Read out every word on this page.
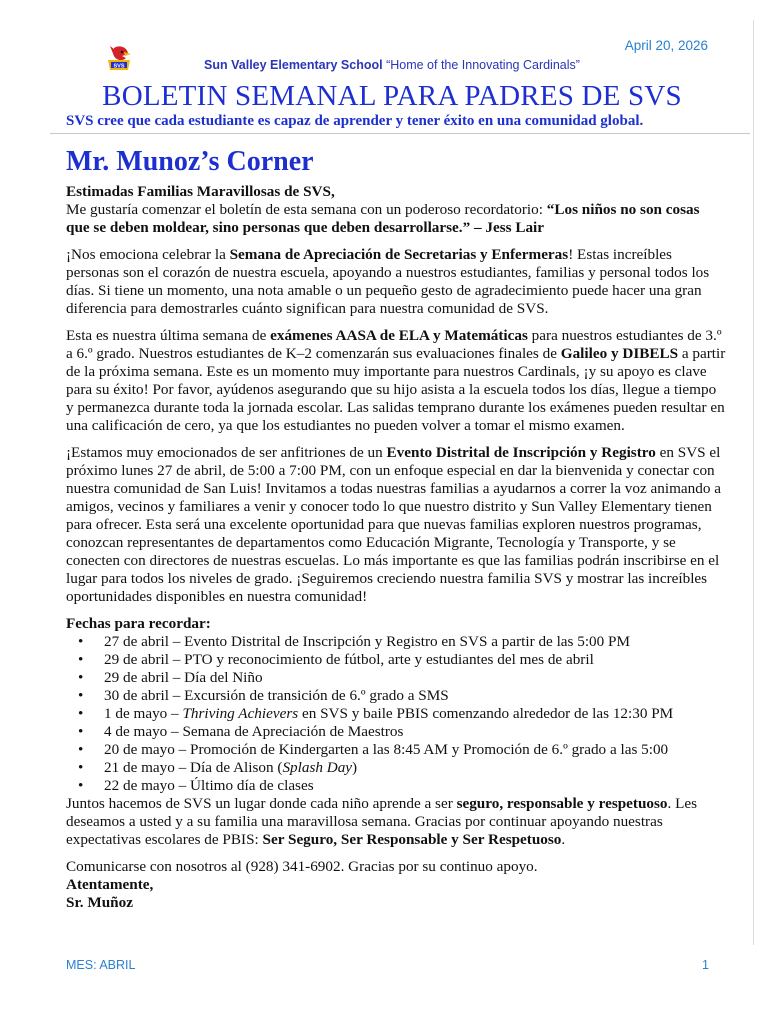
April 20, 2026
SVS	Sun Valley Elementary School “Home of the Innovating Cardinals”
BOLETIN SEMANAL PARA PADRES DE SVS
SVS cree que cada estudiante es capaz de aprender y tener éxito en una comunidad global.
Mr. Munoz’s Corner

Estimadas Familias Maravillosas de SVS,

Me gustaría comenzar el boletín de esta semana con un poderoso recordatorio: “Los niños no son cosas que se deben moldear, sino personas que deben desarrollarse.” – Jess Lair

¡Nos emociona celebrar la Semana de Apreciación de Secretarias y Enfermeras! Estas increíbles personas son el corazón de nuestra escuela, apoyando a nuestros estudiantes, familias y personal todos los días. Si tiene un momento, una nota amable o un pequeño gesto de agradecimiento puede hacer una gran diferencia para demostrarles cuánto significan para nuestra comunidad de SVS.

Esta es nuestra última semana de exámenes AASA de ELA y Matemáticas para nuestros estudiantes de 3.º a 6.º grado. Nuestros estudiantes de K–2 comenzarán sus evaluaciones finales de Galileo y DIBELS a partir de la próxima semana. Este es un momento muy importante para nuestros Cardinals, ¡y su apoyo es clave para su éxito! Por favor, ayúdenos asegurando que su hijo asista a la escuela todos los días, llegue a tiempo y permanezca durante toda la jornada escolar. Las salidas temprano durante los exámenes pueden resultar en una calificación de cero, ya que los estudiantes no pueden volver a tomar el mismo examen.

¡Estamos muy emocionados de ser anfitriones de un Evento Distrital de Inscripción y Registro en SVS el próximo lunes 27 de abril, de 5:00 a 7:00 PM, con un enfoque especial en dar la bienvenida y conectar con nuestra comunidad de San Luis! Invitamos a todas nuestras familias a ayudarnos a correr la voz animando a amigos, vecinos y familiares a venir y conocer todo lo que nuestro distrito y Sun Valley Elementary tienen para ofrecer. Esta será una excelente oportunidad para que nuevas familias exploren nuestros programas, conozcan representantes de departamentos como Educación Migrante, Tecnología y Transporte, y se conecten con directores de nuestras escuelas. Lo más importante es que las familias podrán inscribirse en el lugar para todos los niveles de grado. ¡Seguiremos creciendo nuestra familia SVS y mostrar las increíbles oportunidades disponibles en nuestra comunidad!

Fechas para recordar:
• 27 de abril – Evento Distrital de Inscripción y Registro en SVS a partir de las 5:00 PM
• 29 de abril – PTO y reconocimiento de fútbol, arte y estudiantes del mes de abril
• 29 de abril – Día del Niño
• 30 de abril – Excursión de transición de 6.º grado a SMS
• 1 de mayo – Thriving Achievers en SVS y baile PBIS comenzando alrededor de las 12:30 PM
• 4 de mayo – Semana de Apreciación de Maestros
• 20 de mayo – Promoción de Kindergarten a las 8:45 AM y Promoción de 6.º grado a las 5:00
• 21 de mayo – Día de Alison (Splash Day)
• 22 de mayo – Último día de clases

Juntos hacemos de SVS un lugar donde cada niño aprende a ser seguro, responsable y respetuoso. Les deseamos a usted y a su familia una maravillosa semana. Gracias por continuar apoyando nuestras expectativas escolares de PBIS: Ser Seguro, Ser Responsable y Ser Respetuoso.

Comunicarse con nosotros al (928) 341-6902. Gracias por su continuo apoyo.

Atentamente,
Sr. Muñoz
MES: ABRIL	1
